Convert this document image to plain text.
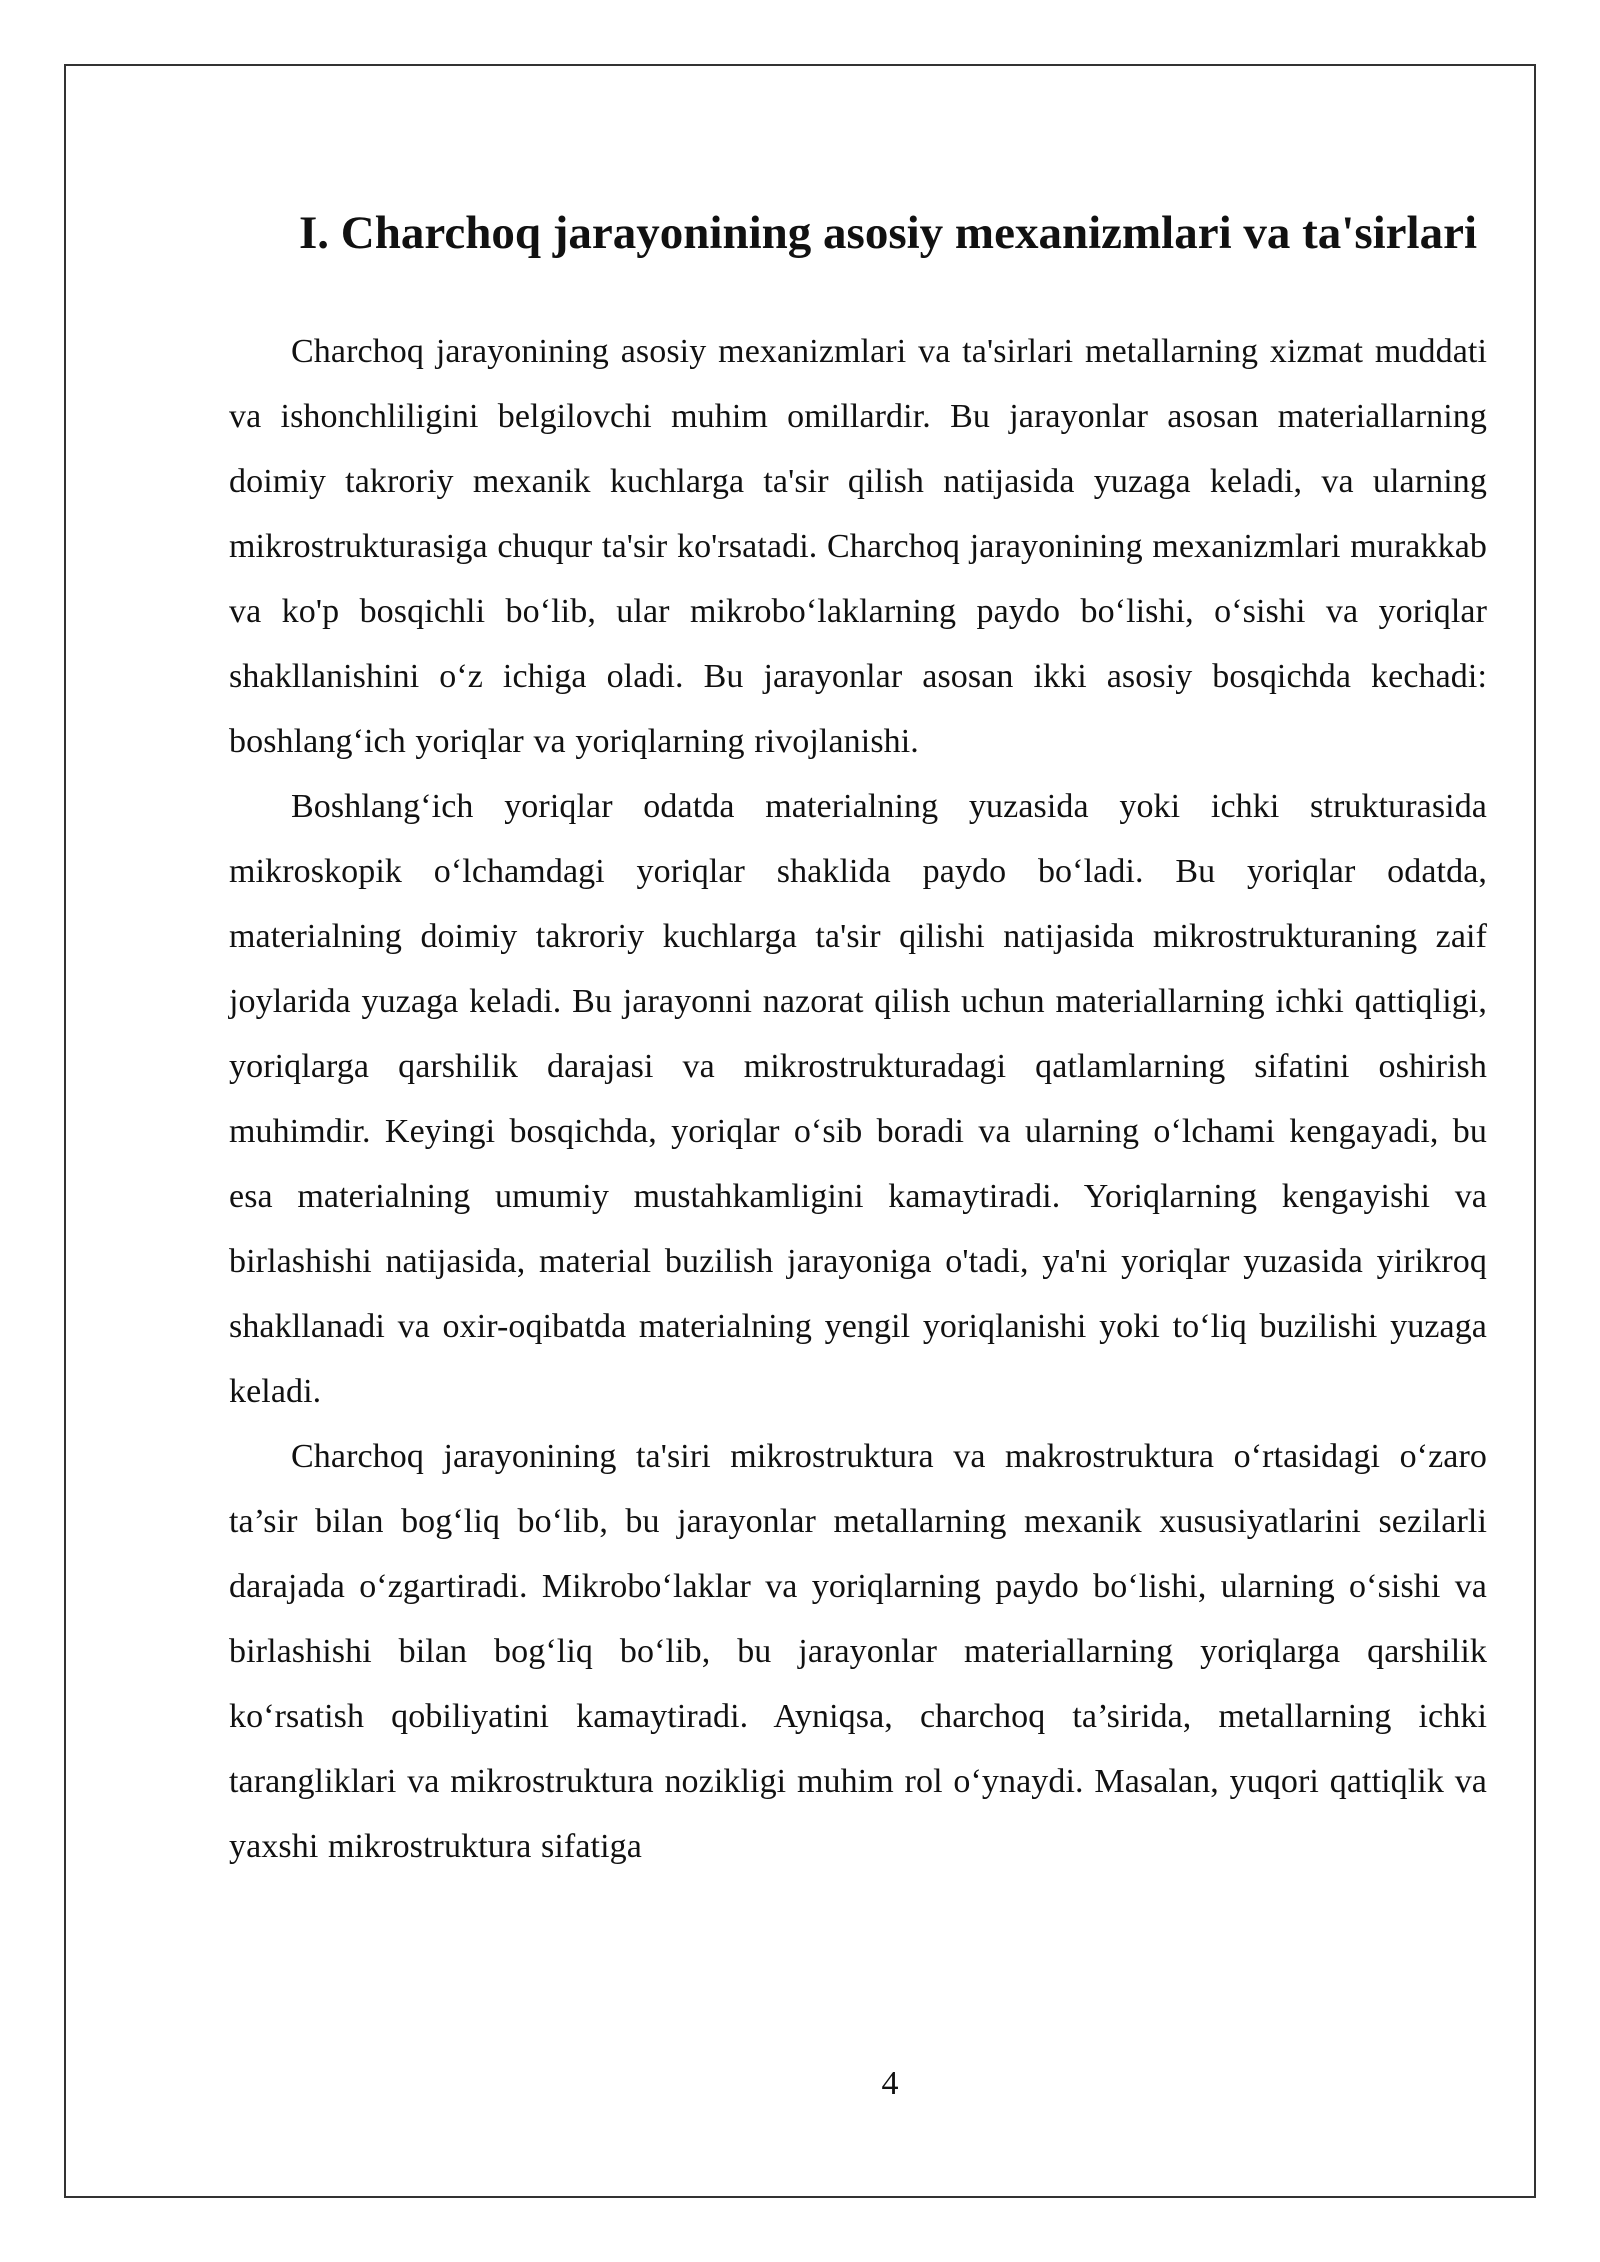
I. Charchoq jarayonining asosiy mexanizmlari va ta'sirlari

Charchoq jarayonining asosiy mexanizmlari va ta'sirlari metallarning xizmat muddati va ishonchliligini belgilovchi muhim omillardir. Bu jarayonlar asosan materiallarning doimiy takroriy mexanik kuchlarga ta'sir qilish natijasida yuzaga keladi, va ularning mikrostrukturasiga chuqur ta'sir ko'rsatadi. Charchoq jarayonining mexanizmlari murakkab va ko'p bosqichli bo‘lib, ular mikrobo‘laklarning paydo bo‘lishi, o‘sishi va yoriqlar shakllanishini o‘z ichiga oladi. Bu jarayonlar asosan ikki asosiy bosqichda kechadi: boshlang‘ich yoriqlar va yoriqlarning rivojlanishi.

Boshlang‘ich yoriqlar odatda materialning yuzasida yoki ichki strukturasida mikroskopik o‘lchamdagi yoriqlar shaklida paydo bo‘ladi. Bu yoriqlar odatda, materialning doimiy takroriy kuchlarga ta'sir qilishi natijasida mikrostrukturaning zaif joylarida yuzaga keladi. Bu jarayonni nazorat qilish uchun materiallarning ichki qattiqligi, yoriqlarga qarshilik darajasi va mikrostrukturadagi qatlamlarning sifatini oshirish muhimdir. Keyingi bosqichda, yoriqlar o‘sib boradi va ularning o‘lchami kengayadi, bu esa materialning umumiy mustahkamligini kamaytiradi. Yoriqlarning kengayishi va birlashishi natijasida, material buzilish jarayoniga o'tadi, ya'ni yoriqlar yuzasida yirikroq shakllanadi va oxir-oqibatda materialning yengil yoriqlanishi yoki to‘liq buzilishi yuzaga keladi.

Charchoq jarayonining ta'siri mikrostruktura va makrostruktura o‘rtasidagi o‘zaro ta’sir bilan bog‘liq bo‘lib, bu jarayonlar metallarning mexanik xususiyatlarini sezilarli darajada o‘zgartiradi. Mikrobo‘laklar va yoriqlarning paydo bo‘lishi, ularning o‘sishi va birlashishi bilan bog‘liq bo‘lib, bu jarayonlar materiallarning yoriqlarga qarshilik ko‘rsatish qobiliyatini kamaytiradi. Ayniqsa, charchoq ta’sirida, metallarning ichki tarangliklari va mikrostruktura nozikligi muhim rol o‘ynaydi. Masalan, yuqori qattiqlik va yaxshi mikrostruktura sifatiga

4
